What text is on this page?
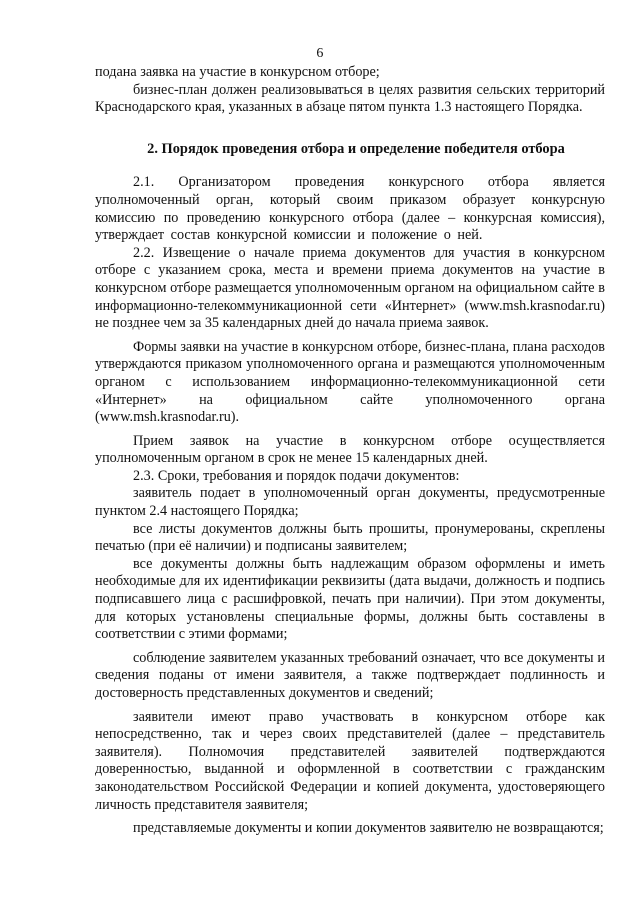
6

подана заявка на участие в конкурсном отборе;

бизнес-план должен реализовываться в целях развития сельских территорий Краснодарского края, указанных в абзаце пятом пункта 1.3 настоящего Порядка.

2. Порядок проведения отбора и определение победителя отбора

2.1. Организатором проведения конкурсного отбора является уполномоченный орган, который своим приказом образует конкурсную комиссию по проведению конкурсного отбора (далее – конкурсная комиссия), утверждает состав конкурсной комиссии и положение о ней.

2.2. Извещение о начале приема документов для участия в конкурсном отборе с указанием срока, места и времени приема документов на участие в конкурсном отборе размещается уполномоченным органом на официальном сайте в информационно-телекоммуникационной сети «Интернет» (www.msh.krasnodar.ru) не позднее чем за 35 календарных дней до начала приема заявок.

Формы заявки на участие в конкурсном отборе, бизнес-плана, плана расходов утверждаются приказом уполномоченного органа и размещаются уполномоченным органом с использованием информационно-телекоммуникационной сети «Интернет» на официальном сайте уполномоченного органа (www.msh.krasnodar.ru).

Прием заявок на участие в конкурсном отборе осуществляется уполномоченным органом в срок не менее 15 календарных дней.

2.3. Сроки, требования и порядок подачи документов:

заявитель подает в уполномоченный орган документы, предусмотренные пунктом 2.4 настоящего Порядка;

все листы документов должны быть прошиты, пронумерованы, скреплены печатью (при её наличии) и подписаны заявителем;

все документы должны быть надлежащим образом оформлены и иметь необходимые для их идентификации реквизиты (дата выдачи, должность и подпись подписавшего лица с расшифровкой, печать при наличии). При этом документы, для которых установлены специальные формы, должны быть составлены в соответствии с этими формами;

соблюдение заявителем указанных требований означает, что все документы и сведения поданы от имени заявителя, а также подтверждает подлинность и достоверность представленных документов и сведений;

заявители имеют право участвовать в конкурсном отборе как непосредственно, так и через своих представителей (далее – представитель заявителя). Полномочия представителей заявителей подтверждаются доверенностью, выданной и оформленной в соответствии с гражданским законодательством Российской Федерации и копией документа, удостоверяющего личность представителя заявителя;

представляемые документы и копии документов заявителю не возвращаются;
